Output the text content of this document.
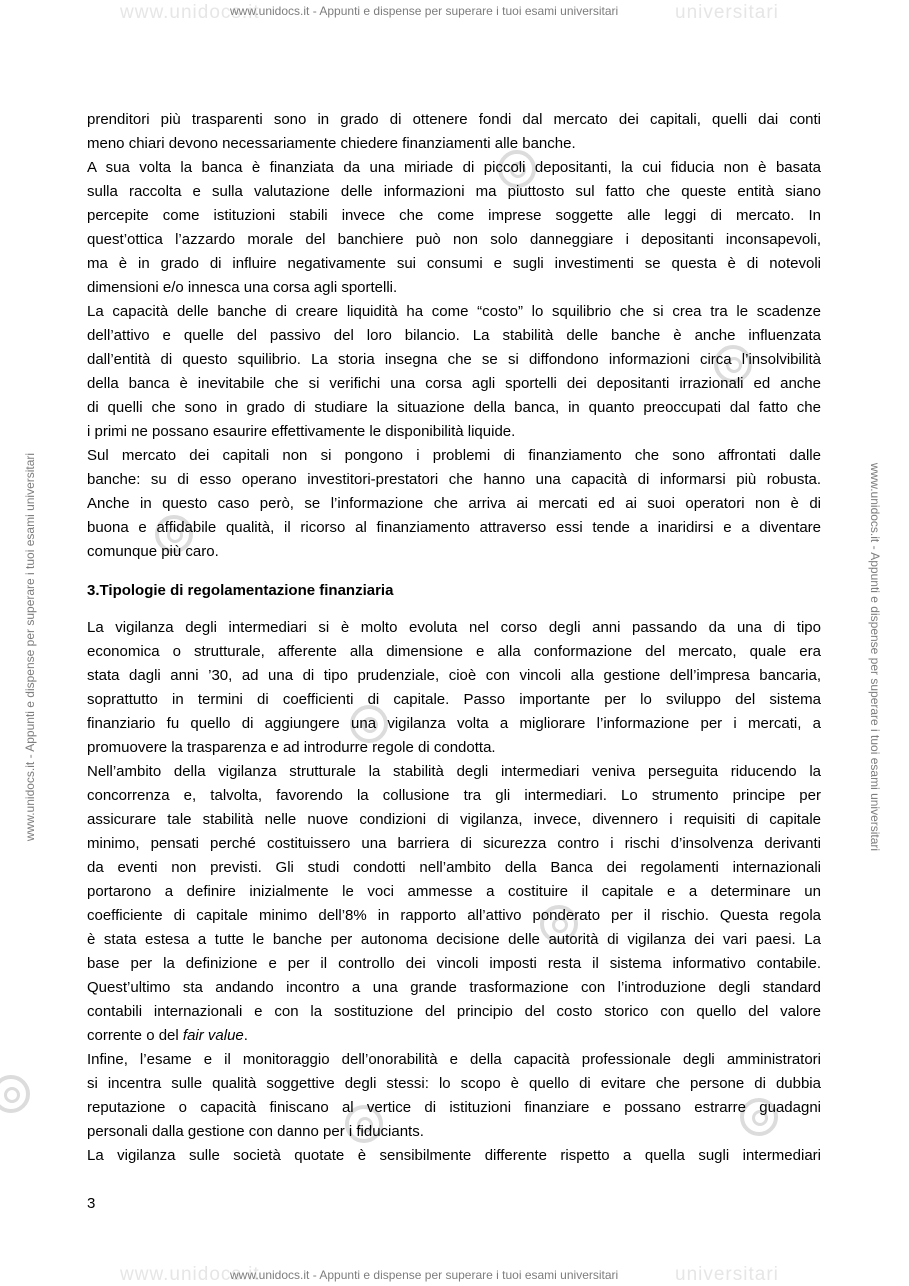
www.unidocs.it	universitari
www.unidocs.it - Appunti e dispense per superare i tuoi esami universitari
www.unidocs.it	universitari
www.unidocs.it - Appunti e dispense per superare i tuoi esami universitari
www.unidocs.it - Appunti e dispense per superare i tuoi esami universitari	www.unidocs.it - Appunti e dispense per superare i tuoi esami universitari
prenditori più trasparenti sono in grado di ottenere fondi dal mercato dei capitali, quelli dai conti
meno chiari devono necessariamente chiedere finanziamenti alle banche.
A sua volta la banca è finanziata da una miriade di piccoli depositanti, la cui fiducia non è basata
sulla raccolta e sulla valutazione delle informazioni ma piuttosto sul fatto che queste entità siano
percepite come istituzioni stabili invece che come imprese soggette alle leggi di mercato. In
quest’ottica l’azzardo morale del banchiere può non solo danneggiare i depositanti inconsapevoli,
ma è in grado di influire negativamente sui consumi e sugli investimenti se questa è di notevoli
dimensioni e/o innesca una corsa agli sportelli.
La capacità delle banche di creare liquidità ha come “costo” lo squilibrio che si crea tra le scadenze
dell’attivo e quelle del passivo del loro bilancio. La stabilità delle banche è anche influenzata
dall’entità di questo squilibrio. La storia insegna che se si diffondono informazioni circa l’insolvibilità
della banca è inevitabile che si verifichi una corsa agli sportelli dei depositanti irrazionali ed anche
di quelli che sono in grado di studiare la situazione della banca, in quanto preoccupati dal fatto che
i primi ne possano esaurire effettivamente le disponibilità liquide.
Sul mercato dei capitali non si pongono i problemi di finanziamento che sono affrontati dalle
banche: su di esso operano investitori-prestatori che hanno una capacità di informarsi più robusta.
Anche in questo caso però, se l’informazione che arriva ai mercati ed ai suoi operatori non è di
buona e affidabile qualità, il ricorso al finanziamento attraverso essi tende a inaridirsi e a diventare
comunque più caro.
3.Tipologie di regolamentazione finanziaria
La vigilanza degli intermediari si è molto evoluta nel corso degli anni passando da una di tipo
economica o strutturale, afferente alla dimensione e alla conformazione del mercato, quale era
stata dagli anni ’30, ad una di tipo prudenziale, cioè con vincoli alla gestione dell’impresa bancaria,
soprattutto in termini di coefficienti di capitale. Passo importante per lo sviluppo del sistema
finanziario fu quello di aggiungere una vigilanza volta a migliorare l’informazione per i mercati, a
promuovere la trasparenza e ad introdurre regole di condotta.
Nell’ambito della vigilanza strutturale la stabilità degli intermediari veniva perseguita riducendo la
concorrenza e, talvolta, favorendo la collusione tra gli intermediari. Lo strumento principe per
assicurare tale stabilità nelle nuove condizioni di vigilanza, invece, divennero i requisiti di capitale
minimo, pensati perché costituissero una barriera di sicurezza contro i rischi d’insolvenza derivanti
da eventi non previsti. Gli studi condotti nell’ambito della Banca dei regolamenti internazionali
portarono a definire inizialmente le voci ammesse a costituire il capitale e a determinare un
coefficiente di capitale minimo dell’8% in rapporto all’attivo ponderato per il rischio. Questa regola
è stata estesa a tutte le banche per autonoma decisione delle autorità di vigilanza dei vari paesi. La
base per la definizione e per il controllo dei vincoli imposti resta il sistema informativo contabile.
Quest’ultimo sta andando incontro a una grande trasformazione con l’introduzione degli standard
contabili internazionali e con la sostituzione del principio del costo storico con quello del valore
corrente o del fair value.
Infine, l’esame e il monitoraggio dell’onorabilità e della capacità professionale degli amministratori
si incentra sulle qualità soggettive degli stessi: lo scopo è quello di evitare che persone di dubbia
reputazione o capacità finiscano al vertice di istituzioni finanziare e possano estrarre guadagni
personali dalla gestione con danno per i fiduciants.
La vigilanza sulle società quotate è sensibilmente differente rispetto a quella sugli intermediari
3
